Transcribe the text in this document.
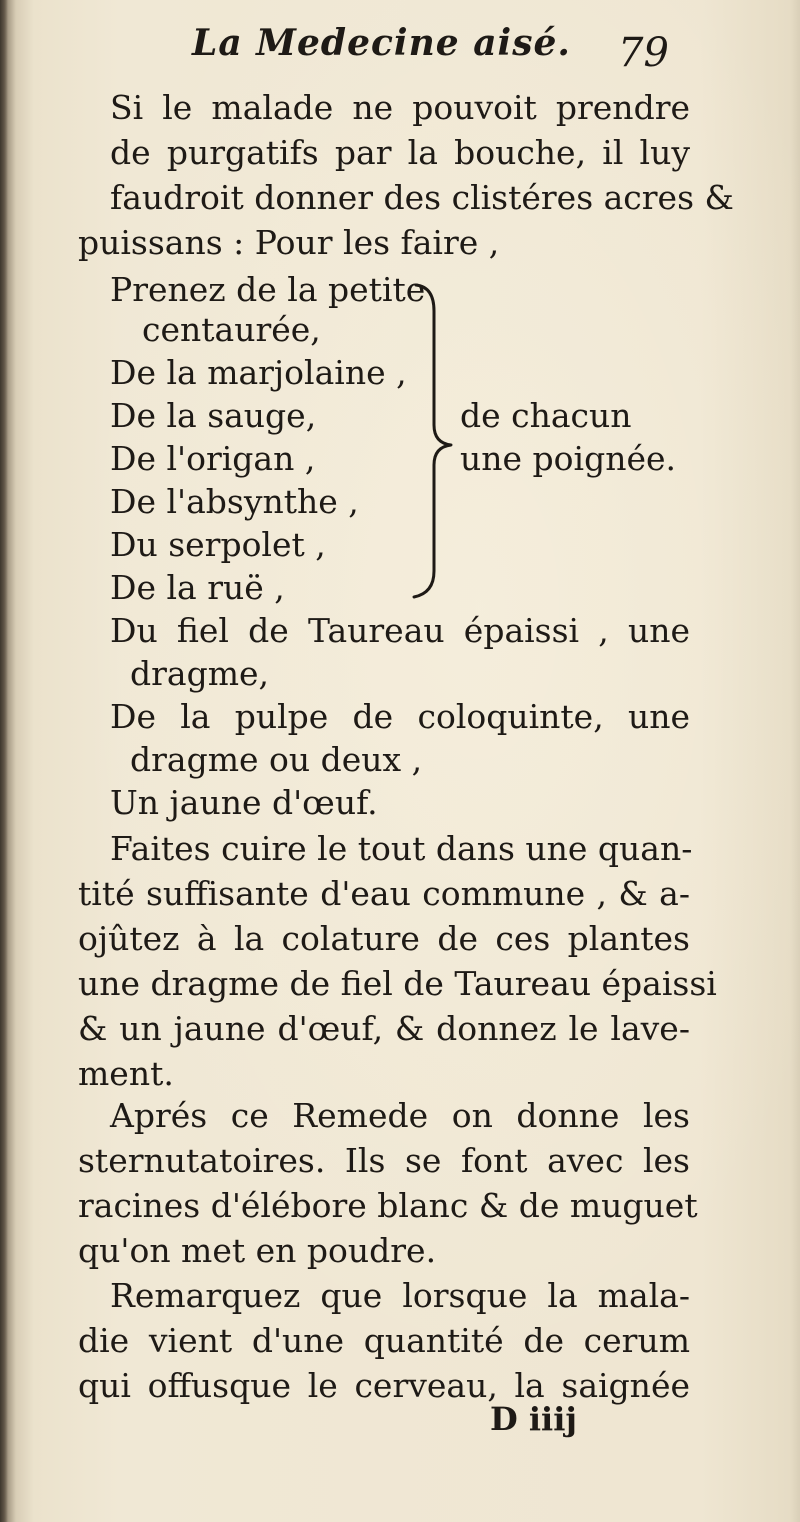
La Medecine aisé. 79
Si le malade ne pouvoit prendre
de purgatifs par la bouche, il luy
faudroit donner des clistéres acres &
puissans : Pour les faire ,
Prenez de la petite
centaurée,
De la marjolaine ,
De la sauge,
De l'origan ,
De l'absynthe ,
Du serpolet ,
De la ruë ,
de chacun
une poignée.
Du fiel de Taureau épaissi , une
dragme,
De la pulpe de coloquinte, une
dragme ou deux ,
Un jaune d'œuf.
Faites cuire le tout dans une quan-
tité suffisante d'eau commune , & a-
ojûtez à la colature de ces plantes
une dragme de fiel de Taureau épaissi
& un jaune d'œuf, & donnez le lave-
ment.
Aprés ce Remede on donne les
sternutatoires. Ils se font avec les
racines d'élébore blanc & de muguet
qu'on met en poudre.
Remarquez que lorsque la mala-
die vient d'une quantité de cerum
qui offusque le cerveau, la saignée
D iiij
